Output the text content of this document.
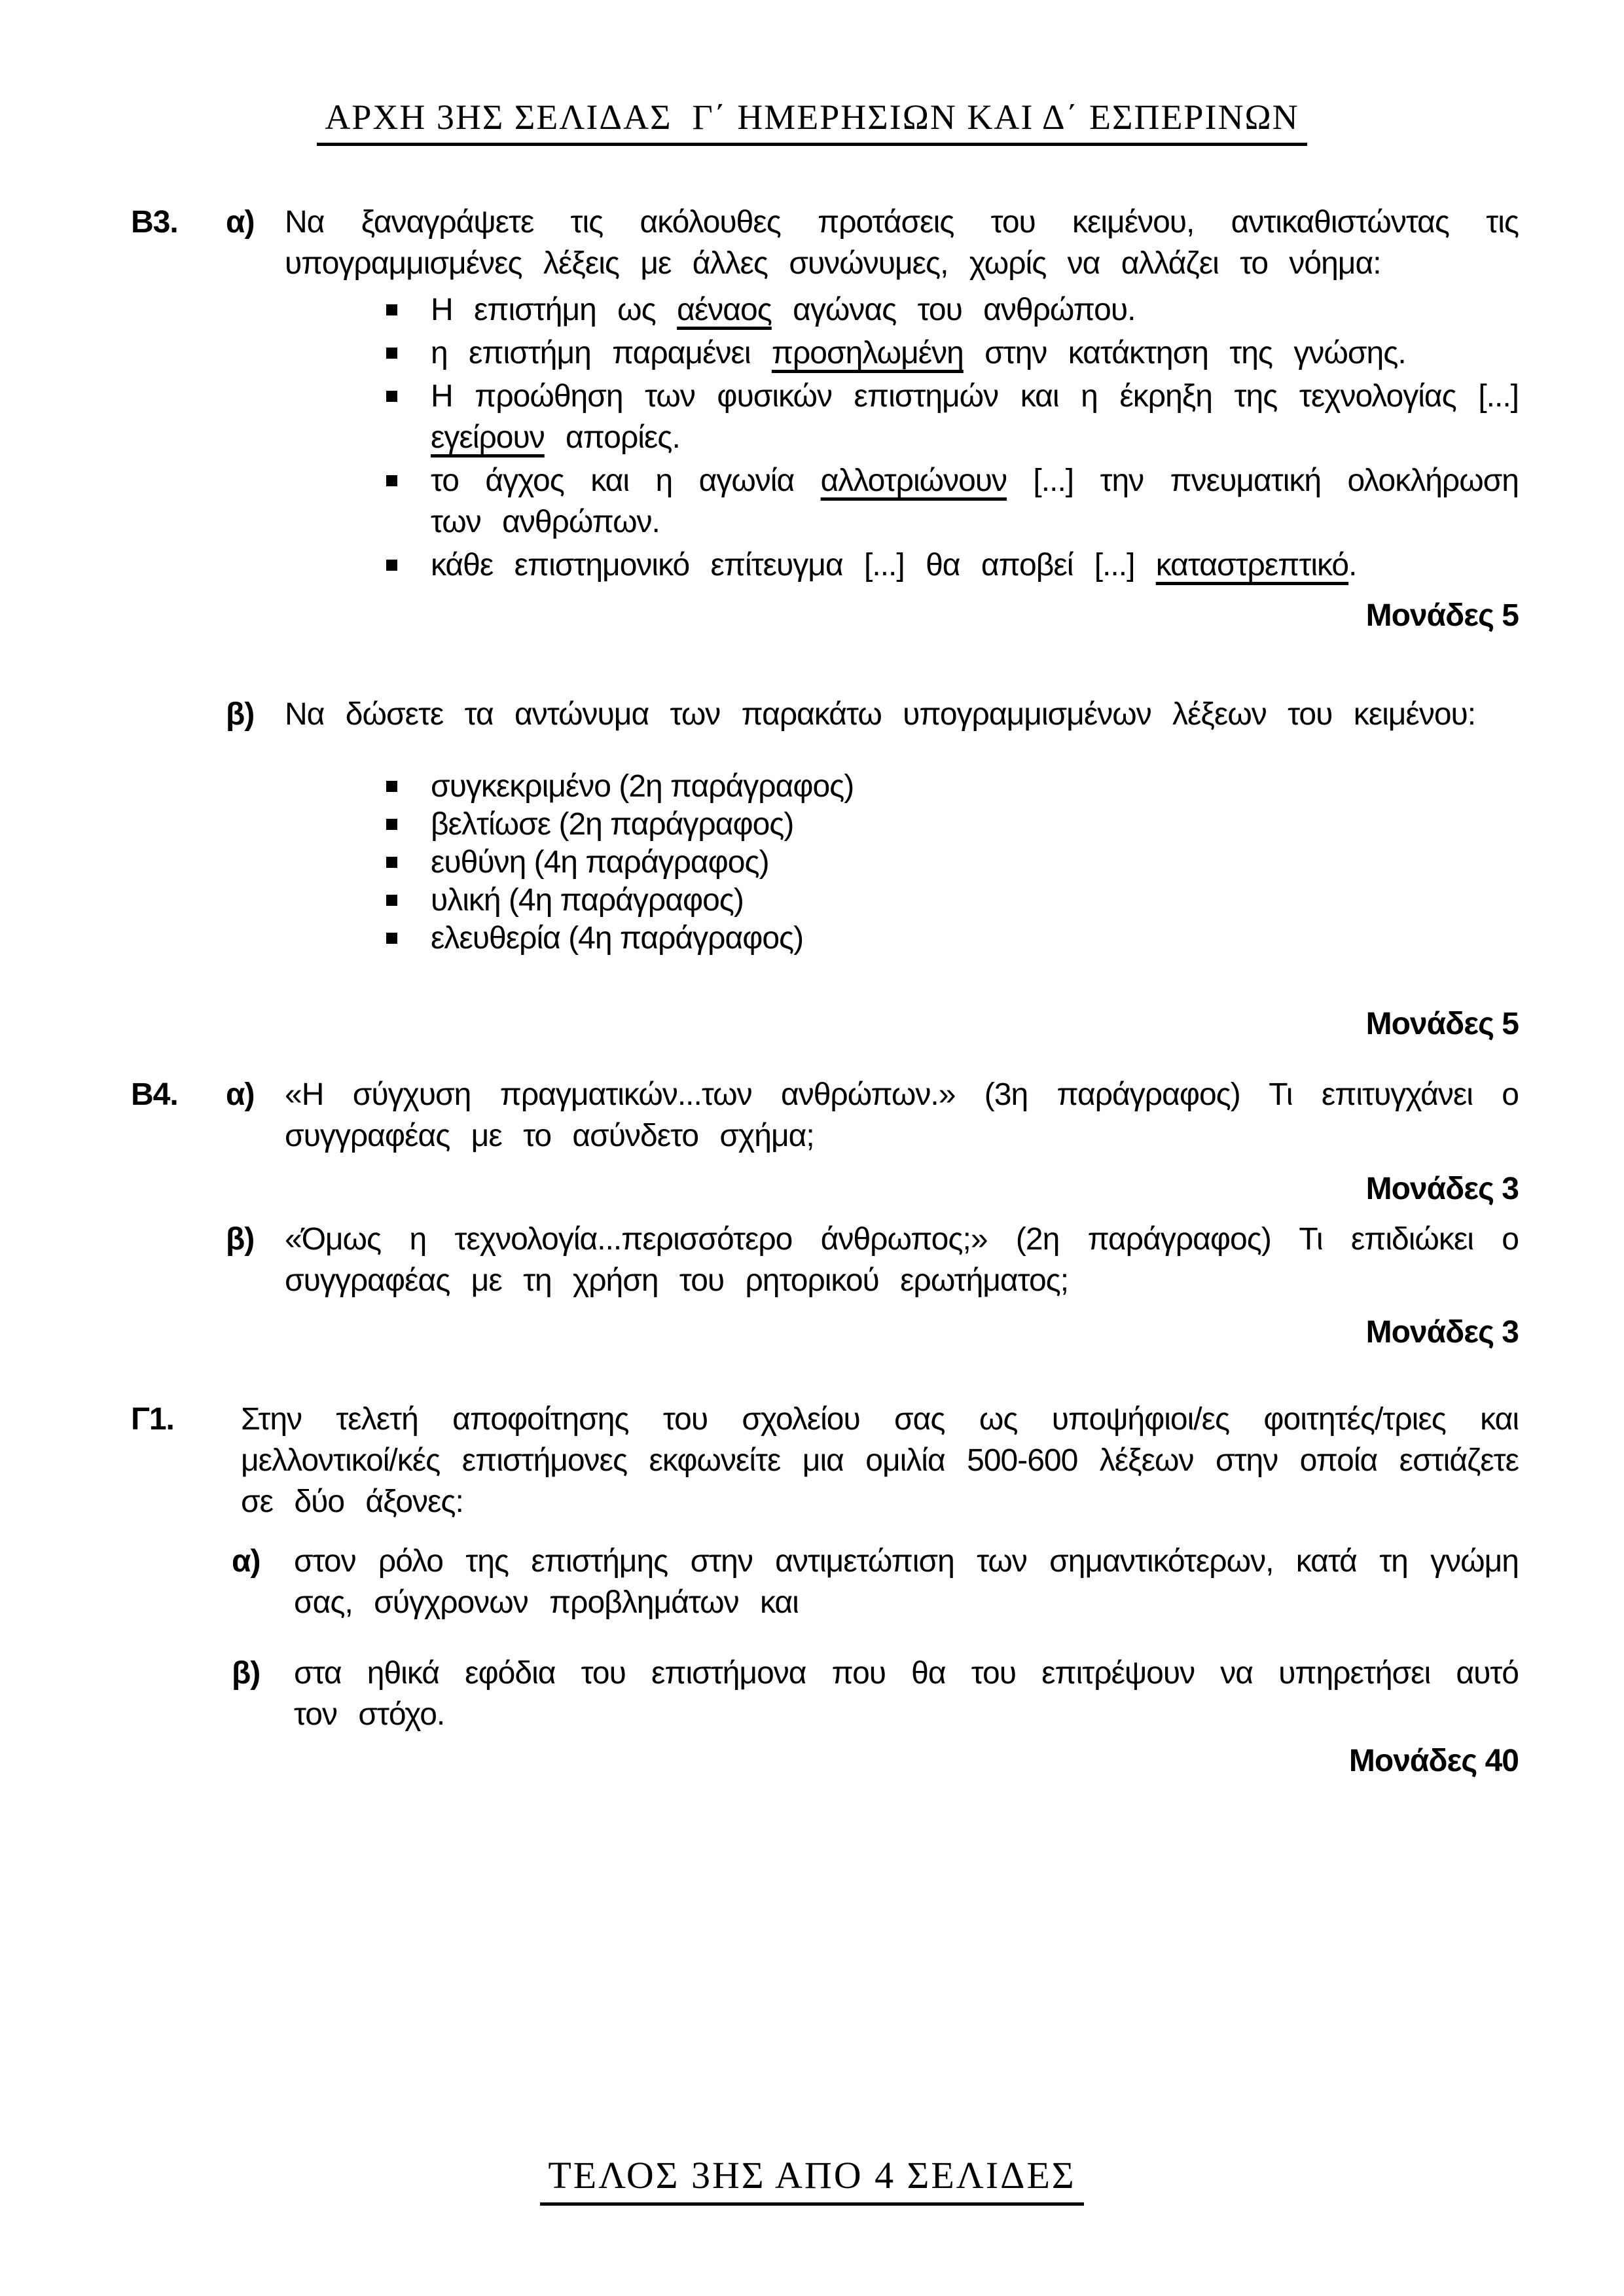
ΑΡΧΗ 3ΗΣ ΣΕΛΙΔΑΣ  Γ΄ ΗΜΕΡΗΣΙΩΝ ΚΑΙ Δ΄ ΕΣΠΕΡΙΝΩΝ
Β3.	α) Να ξαναγράψετε τις ακόλουθες προτάσεις του κειμένου, αντικαθιστώντας τις υπογραμμισμένες λέξεις με άλλες συνώνυμες, χωρίς να αλλάζει το νόημα:

Η επιστήμη ως αέναος αγώνας του ανθρώπου.

η επιστήμη παραμένει προσηλωμένη στην κατάκτηση της γνώσης.

Η προώθηση των φυσικών επιστημών και η έκρηξη της τεχνολογίας [...] εγείρουν απορίες.

το άγχος και η αγωνία αλλοτριώνουν [...] την πνευματική ολοκλήρωση των ανθρώπων.

κάθε επιστημονικό επίτευγμα [...] θα αποβεί [...] καταστρεπτικό.

Μονάδες 5
β) Να δώσετε τα αντώνυμα των παρακάτω υπογραμμισμένων λέξεων του κειμένου:

συγκεκριμένο (2η παράγραφος)

βελτίωσε (2η παράγραφος)

ευθύνη (4η παράγραφος)

υλική (4η παράγραφος)

ελευθερία (4η παράγραφος)

Μονάδες 5
Β4.	α) «Η σύγχυση πραγματικών...των ανθρώπων.» (3η παράγραφος) Τι επιτυγχάνει ο συγγραφέας με το ασύνδετο σχήμα;

Μονάδες 3
β) «Όμως η τεχνολογία...περισσότερο άνθρωπος;» (2η παράγραφος) Τι επιδιώκει ο συγγραφέας με τη χρήση του ρητορικού ερωτήματος;

Μονάδες 3
Γ1.	Στην τελετή αποφοίτησης του σχολείου σας ως υποψήφιοι/ες φοιτητές/τριες και μελλοντικοί/κές επιστήμονες εκφωνείτε μια ομιλία 500-600 λέξεων στην οποία εστιάζετε σε δύο άξονες:

α)	στον ρόλο της επιστήμης στην αντιμετώπιση των σημαντικότερων, κατά τη γνώμη σας, σύγχρονων προβλημάτων και

β)	στα ηθικά εφόδια του επιστήμονα που θα του επιτρέψουν να υπηρετήσει αυτό τον στόχο.

Μονάδες 40
ΤΕΛΟΣ 3ΗΣ ΑΠΟ 4 ΣΕΛΙΔΕΣ
